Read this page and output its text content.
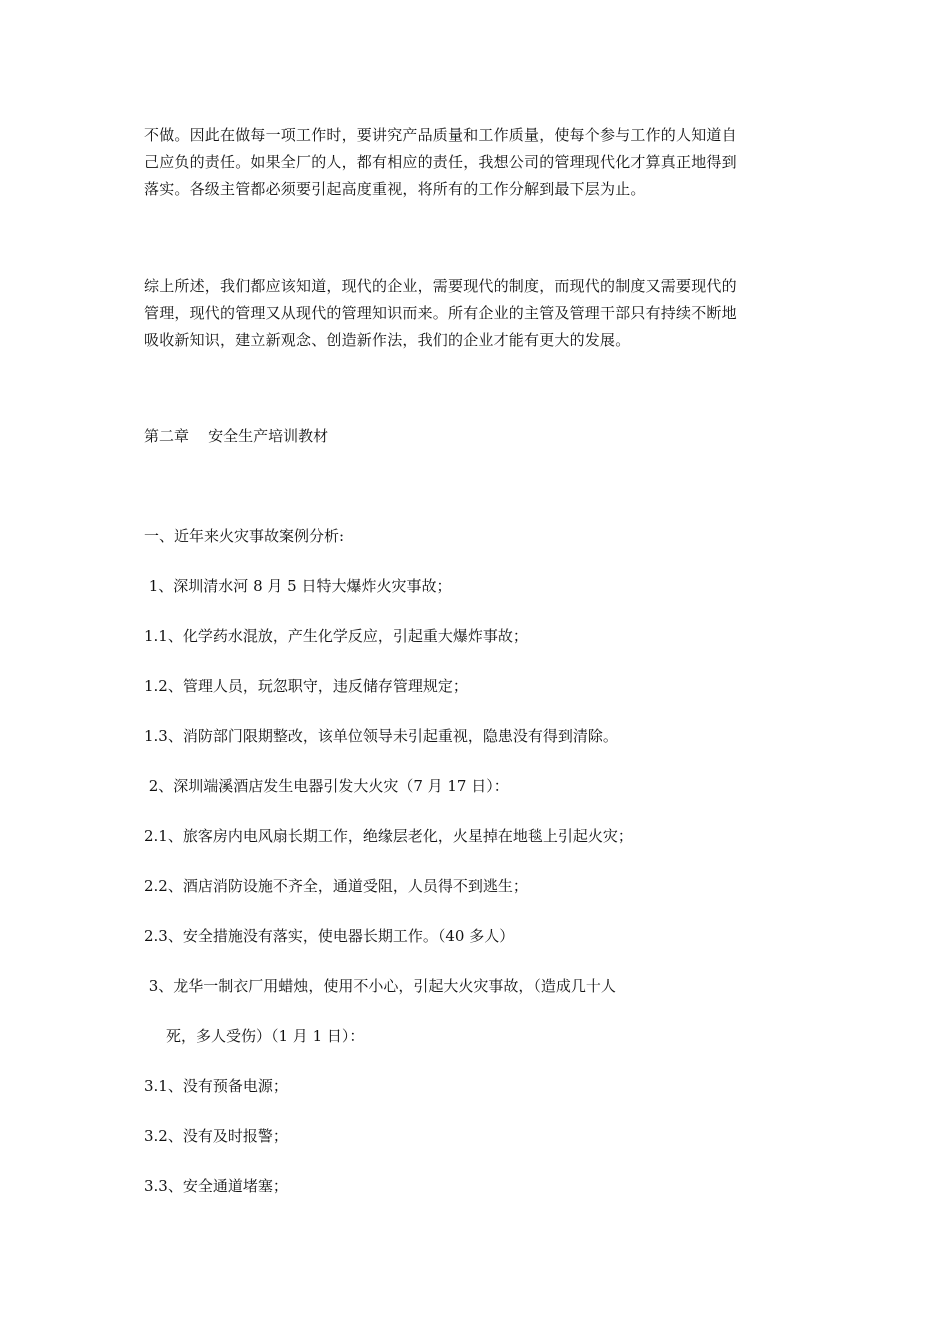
不做。因此在做每一项工作时，要讲究产品质量和工作质量，使每个参与工作的人知道自
己应负的责任。如果全厂的人，都有相应的责任，我想公司的管理现代化才算真正地得到
落实。各级主管都必须要引起高度重视，将所有的工作分解到最下层为止。
综上所述，我们都应该知道，现代的企业，需要现代的制度，而现代的制度又需要现代的
管理，现代的管理又从现代的管理知识而来。所有企业的主管及管理干部只有持续不断地
吸收新知识，建立新观念、创造新作法，我们的企业才能有更大的发展。
第二章    安全生产培训教材
一、近年来火灾事故案例分析:

1、深圳清水河 8 月 5 日特大爆炸火灾事故；

1.1、化学药水混放，产生化学反应，引起重大爆炸事故；

1.2、管理人员，玩忽职守，违反储存管理规定；

1.3、消防部门限期整改，该单位领导未引起重视，隐患没有得到清除。

2、深圳端溪酒店发生电器引发大火灾（7 月 17 日）：

2.1、旅客房内电风扇长期工作，绝缘层老化，火星掉在地毯上引起火灾；

2.2、酒店消防设施不齐全，通道受阻，人员得不到逃生；

2.3、安全措施没有落实，使电器长期工作。（40 多人）

3、龙华一制衣厂用蜡烛，使用不小心，引起大火灾事故，（造成几十人

死，多人受伤）（1 月 1 日）：

3.1、没有预备电源；

3.2、没有及时报警；

3.3、安全通道堵塞；
